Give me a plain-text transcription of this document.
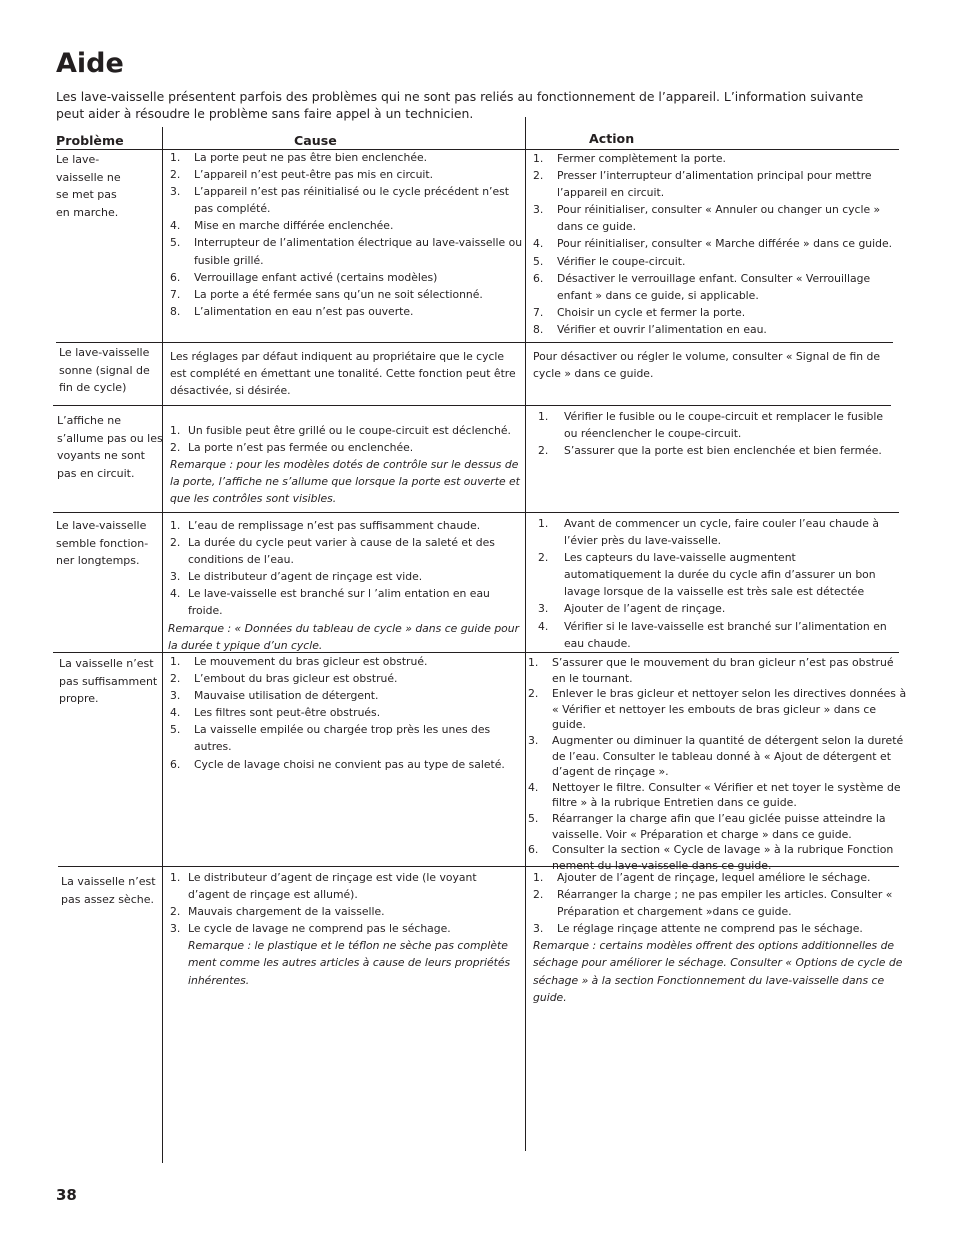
Aide
Les lave-vaisselle présentent parfois des problèmes qui ne sont pas reliés au fonctionnement de l’appareil. L’information suivante peut aider à résoudre le problème sans faire appel à un technicien.
Problème	Cause	Action
Le lave-
vaisselle ne
se met pas
en marche.
1. La porte peut ne pas être bien enclenchée.
2. L’appareil n’est peut-être pas mis en circuit.
3. L’appareil n’est pas réinitialisé ou le cycle précédent n’est pas complété.
4. Mise en marche différée enclenchée.
5. Interrupteur de l’alimentation électrique au lave-vaisselle ou fusible grillé.
6. Verrouillage enfant activé (certains modèles)
7. La porte a été fermée sans qu’un ne soit sélectionné.
8. L’alimentation en eau n’est pas ouverte.
1. Fermer complètement la porte.
2. Presser l’interrupteur d’alimentation principal pour mettre l’appareil en circuit.
3. Pour réinitialiser, consulter « Annuler ou changer un cycle » dans ce guide.
4. Pour réinitialiser, consulter « Marche différée » dans ce guide.
5. Vérifier le coupe-circuit.
6. Désactiver le verrouillage enfant. Consulter « Verrouillage enfant » dans ce guide, si applicable.
7. Choisir un cycle et fermer la porte.
8. Vérifier et ouvrir l’alimentation en eau.
Le lave-vaisselle
sonne (signal de
fin de cycle)

Les réglages par défaut indiquent au propriétaire que le cycle est complété en émettant une tonalité. Cette fonction peut être désactivée, si désirée.

Pour désactiver ou régler le volume, consulter « Signal de fin de cycle » dans ce guide.

L’affiche ne
s’allume pas ou les
voyants ne sont
pas en circuit.
1. Un fusible peut être grillé ou le coupe-circuit est déclenché.
2. La porte n’est pas fermée ou enclenchée.

Remarque : pour les modèles dotés de contrôle sur le dessus de la porte, l’affiche ne s’allume que lorsque la porte est ouverte et que les contrôles sont visibles.

1. Vérifier le fusible ou le coupe-circuit et remplacer le fusible ou réenclencher le coupe-circuit.
2. S’assurer que la porte est bien enclenchée et bien fermée.
Le lave-vaisselle
semble fonction-
ner longtemps.
1. L’eau de remplissage n’est pas suffisamment chaude.
2. La durée du cycle peut varier à cause de la saleté et des conditions de l’eau.
3. Le distributeur d’agent de rinçage est vide.
4. Le lave-vaisselle est branché sur l ’alim entation en eau froide.

Remarque : « Données du tableau de cycle » dans ce guide pour la durée t ypique d’un cycle.

1. Avant de commencer un cycle, faire couler l’eau chaude à l’évier près du lave-vaisselle.
2. Les capteurs du lave-vaisselle augmentent automatiquement la durée du cycle afin d’assurer un bon lavage lorsque de la vaisselle est très sale est détectée
3. Ajouter de l’agent de rinçage.
4. Vérifier si le lave-vaisselle est branché sur l’alimentation en eau chaude.
La vaisselle n’est
pas suffisamment
propre.
1. Le mouvement du bras gicleur est obstrué.
2. L’embout du bras gicleur est obstrué.
3. Mauvaise utilisation de détergent.
4. Les filtres sont peut-être obstrués.
5. La vaisselle empilée ou chargée trop près les unes des autres.
6. Cycle de lavage choisi ne convient pas au type de saleté.
1. S’assurer que le mouvement du bran gicleur n’est pas obstrué en le tournant.
2. Enlever le bras gicleur et nettoyer selon les directives données à « Vérifier et nettoyer les embouts de bras gicleur » dans ce guide.
3. Augmenter ou diminuer la quantité de détergent selon la dureté de l’eau. Consulter le tableau donné à « Ajout de détergent et d’agent de rinçage ».
4. Nettoyer le filtre. Consulter « Vérifier et net toyer le système de filtre » à la rubrique Entretien dans ce guide.
5. Réarranger la charge afin que l’eau giclée puisse atteindre la vaisselle. Voir « Préparation et charge » dans ce guide.
6. Consulter la section « Cycle de lavage » à la rubrique Fonction nement du lave-vaisselle dans ce guide.
La vaisselle n’est
pas assez sèche.
1. Le distributeur d’agent de rinçage est vide (le voyant d’agent de rinçage est allumé).
2. Mauvais chargement de la vaisselle.
3. Le cycle de lavage ne comprend pas le séchage.

Remarque : le plastique et le téflon ne sèche pas complète ment comme les autres articles à cause de leurs propriétés inhérentes.

1. Ajouter de l’agent de rinçage, lequel améliore le séchage.
2. Réarranger la charge ; ne pas empiler les articles. Consulter « Préparation et chargement »dans ce guide.
3. Le réglage rinçage attente ne comprend pas le séchage.

Remarque : certains modèles offrent des options additionnelles de séchage pour améliorer le séchage. Consulter « Options de cycle de séchage » à la section Fonctionnement du lave-vaisselle dans ce guide.

38
